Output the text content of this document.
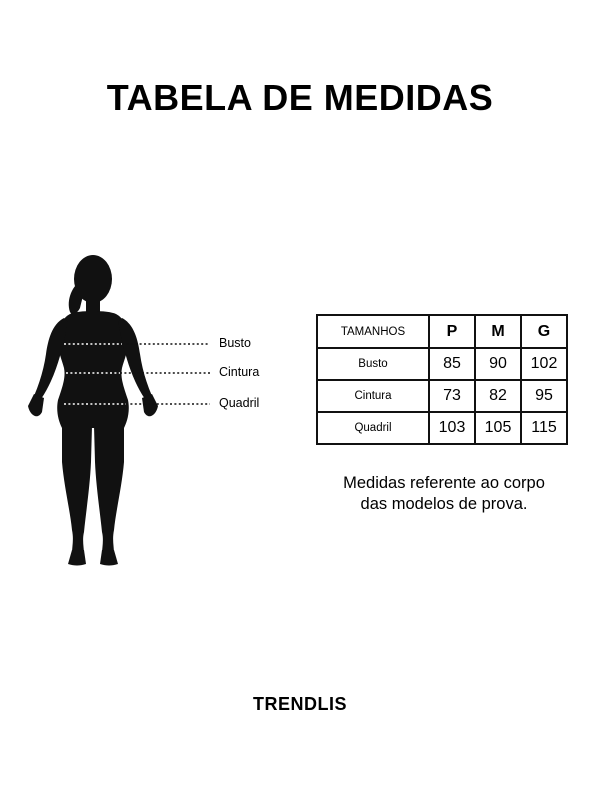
TABELA DE MEDIDAS
Busto
Cintura
Quadril
TAMANHOS	P	M	G
Busto	85	90	102
Cintura	73	82	95
Quadril	103	105	115
Medidas referente ao corpo
das modelos de prova.
TRENDLIS
